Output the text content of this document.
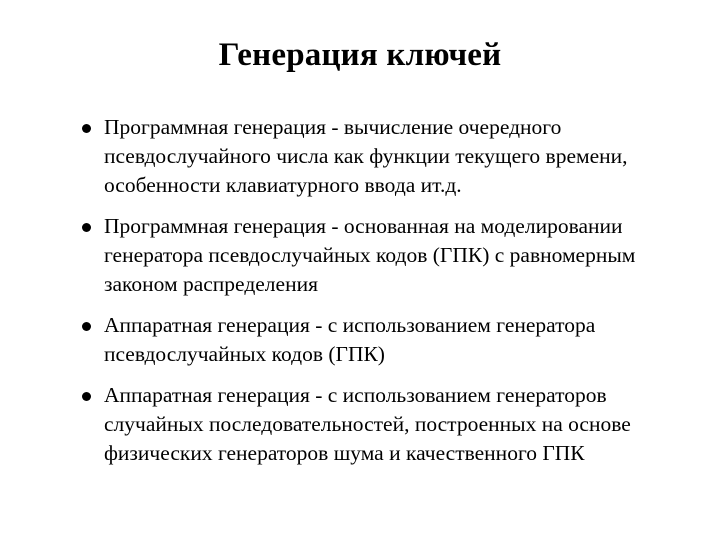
Генерация ключей
Программная генерация - вычисление очередного псевдослучайного числа как функции текущего времени, особенности клавиатурного ввода ит.д.
Программная генерация - основанная на моделировании генератора псевдослучайных кодов (ГПК) с равномерным законом распределения
Аппаратная генерация - с использованием генератора псевдослучайных кодов (ГПК)
Аппаратная генерация - с использованием генераторов случайных последовательностей, построенных на основе физических генераторов шума и качественного ГПК
